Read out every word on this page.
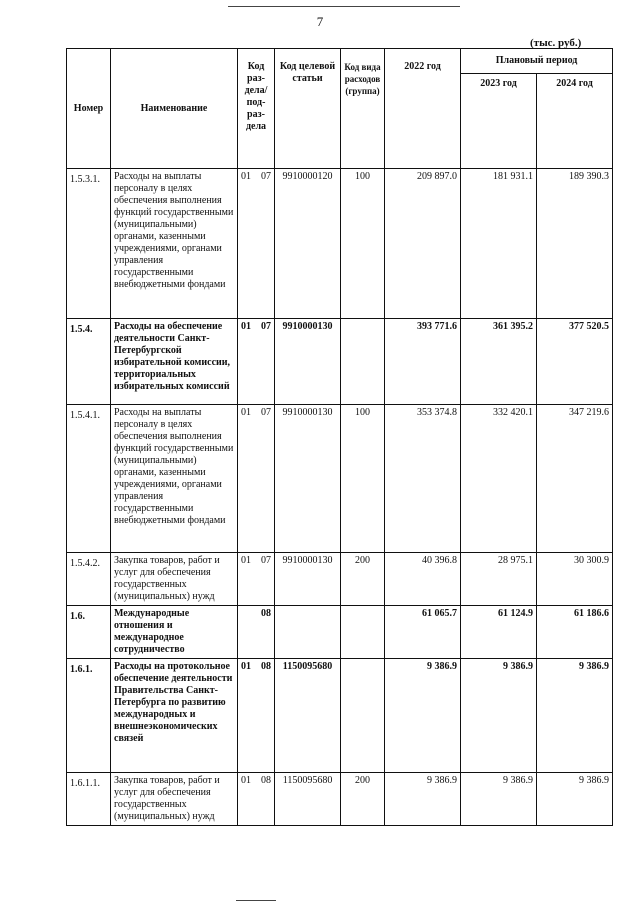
7
(тыс. руб.)
Номер	Наименование	Код раз-дела/ под-раз-дела		Код целевой статьи	Код вида расходов (группа)	2022 год	Плановый период	
							2023 год	2024 год
1.5.3.1.	Расходы на выплаты персоналу в целях обеспечения выполнения функций государственными (муниципальными) органами, казенными учреждениями, органами управления государственными внебюджетными фондами	01	07	9910000120	100	209 897.0	181 931.1	189 390.3
1.5.4.	Расходы на обеспечение деятельности Санкт-Петербургской избирательной комиссии, территориальных избирательных комиссий	01	07	9910000130		393 771.6	361 395.2	377 520.5
1.5.4.1.	Расходы на выплаты персоналу в целях обеспечения выполнения функций государственными (муниципальными) органами, казенными учреждениями, органами управления государственными внебюджетными фондами	01	07	9910000130	100	353 374.8	332 420.1	347 219.6
1.5.4.2.	Закупка товаров, работ и услуг для обеспечения государственных (муниципальных) нужд	01	07	9910000130	200	40 396.8	28 975.1	30 300.9
1.6.	Международные отношения и международное сотрудничество		08			61 065.7	61 124.9	61 186.6
1.6.1.	Расходы на протокольное обеспечение деятельности Правительства Санкт-Петербурга по развитию международных и внешнеэкономических связей	01	08	1150095680		9 386.9	9 386.9	9 386.9
1.6.1.1.	Закупка товаров, работ и услуг для обеспечения государственных (муниципальных) нужд	01	08	1150095680	200	9 386.9	9 386.9	9 386.9
